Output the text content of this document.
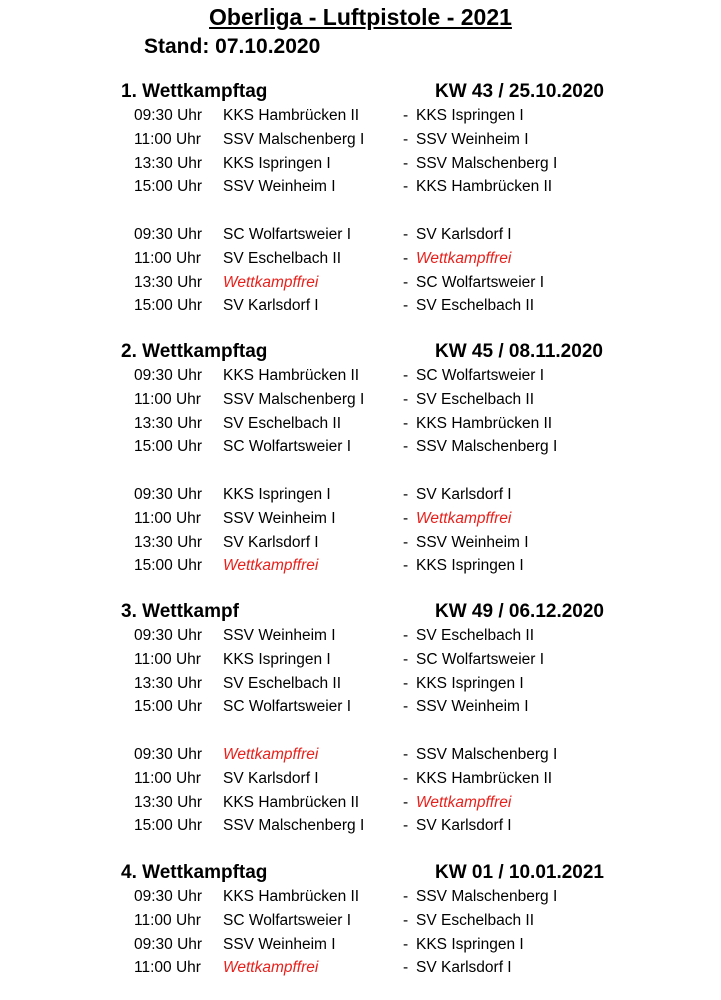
Oberliga - Luftpistole - 2021
Stand: 07.10.2020
1. Wettkampftag	KW 43 / 25.10.2020
09:30 Uhr KKS Hambrücken II	- KKS Ispringen I
11:00 Uhr SSV Malschenberg I - SSV Weinheim I
13:30 Uhr KKS Ispringen I	- SSV Malschenberg I
15:00 Uhr SSV Weinheim I	- KKS Hambrücken II
09:30 Uhr SC Wolfartsweier I	- SV Karlsdorf I
11:00 Uhr SV Eschelbach II	- Wettkampffrei
13:30 Uhr Wettkampffrei	- SC Wolfartsweier I
15:00 Uhr SV Karlsdorf I	- SV Eschelbach II
2. Wettkampftag	KW 45 / 08.11.2020
09:30 Uhr KKS Hambrücken II	- SC Wolfartsweier I
11:00 Uhr SSV Malschenberg I - SV Eschelbach II
13:30 Uhr SV Eschelbach II	- KKS Hambrücken II
15:00 Uhr SC Wolfartsweier I	- SSV Malschenberg I
09:30 Uhr KKS Ispringen I	- SV Karlsdorf I
11:00 Uhr SSV Weinheim I	- Wettkampffrei
13:30 Uhr SV Karlsdorf I	- SSV Weinheim I
15:00 Uhr Wettkampffrei	- KKS Ispringen I
3. Wettkampf	KW 49 / 06.12.2020
09:30 Uhr SSV Weinheim I	- SV Eschelbach II
11:00 Uhr KKS Ispringen I	- SC Wolfartsweier I
13:30 Uhr SV Eschelbach II	- KKS Ispringen I
15:00 Uhr SC Wolfartsweier I	- SSV Weinheim I
09:30 Uhr Wettkampffrei	- SSV Malschenberg I
11:00 Uhr SV Karlsdorf I	- KKS Hambrücken II
13:30 Uhr KKS Hambrücken II	- Wettkampffrei
15:00 Uhr SSV Malschenberg I - SV Karlsdorf I
4. Wettkampftag	KW 01 / 10.01.2021
09:30 Uhr KKS Hambrücken II	- SSV Malschenberg I
11:00 Uhr SC Wolfartsweier I	- SV Eschelbach II
09:30 Uhr SSV Weinheim I	- KKS Ispringen I
11:00 Uhr Wettkampffrei	- SV Karlsdorf I
